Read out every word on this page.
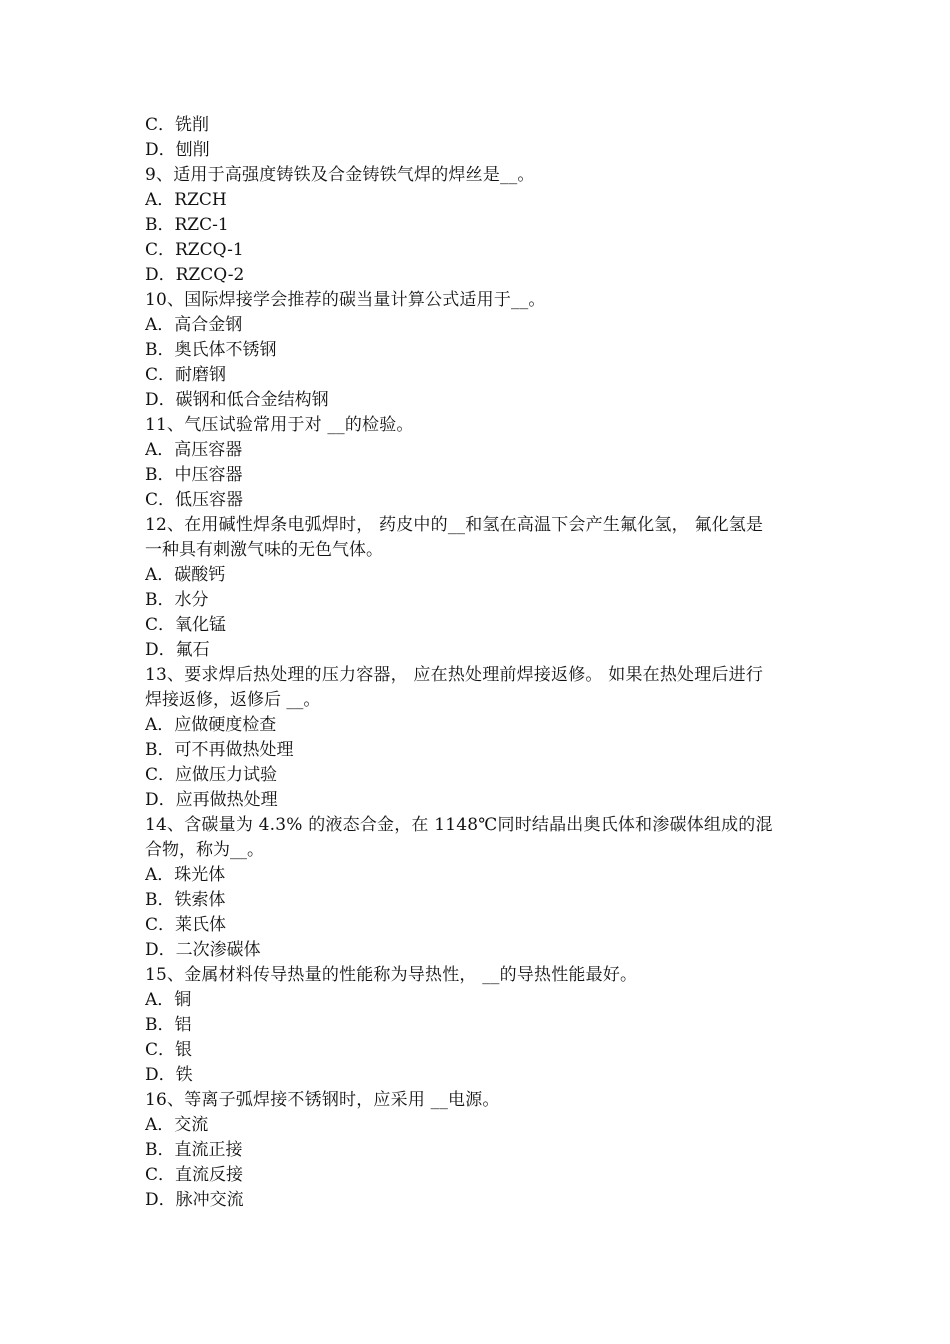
C．铣削
D．刨削
9、适用于高强度铸铁及合金铸铁气焊的焊丝是__。
A．RZCH
B．RZC-1
C．RZCQ-1
D．RZCQ-2
10、国际焊接学会推荐的碳当量计算公式适用于__。
A．高合金钢
B．奥氏体不锈钢
C．耐磨钢
D．碳钢和低合金结构钢
11、气压试验常用于对 __的检验。
A．高压容器
B．中压容器
C．低压容器
12、在用碱性焊条电弧焊时， 药皮中的__和氢在高温下会产生氟化氢， 氟化氢是
一种具有刺激气味的无色气体。
A．碳酸钙
B．水分
C．氧化锰
D．氟石
13、要求焊后热处理的压力容器， 应在热处理前焊接返修。 如果在热处理后进行
焊接返修，返修后 __。
A．应做硬度检查
B．可不再做热处理
C．应做压力试验
D．应再做热处理
14、含碳量为 4.3% 的液态合金，在 1148℃同时结晶出奥氏体和渗碳体组成的混
合物，称为__。
A．珠光体
B．铁索体
C．莱氏体
D．二次渗碳体
15、金属材料传导热量的性能称为导热性， __的导热性能最好。
A．铜
B．铝
C．银
D．铁
16、等离子弧焊接不锈钢时，应采用 __电源。
A．交流
B．直流正接
C．直流反接
D．脉冲交流
